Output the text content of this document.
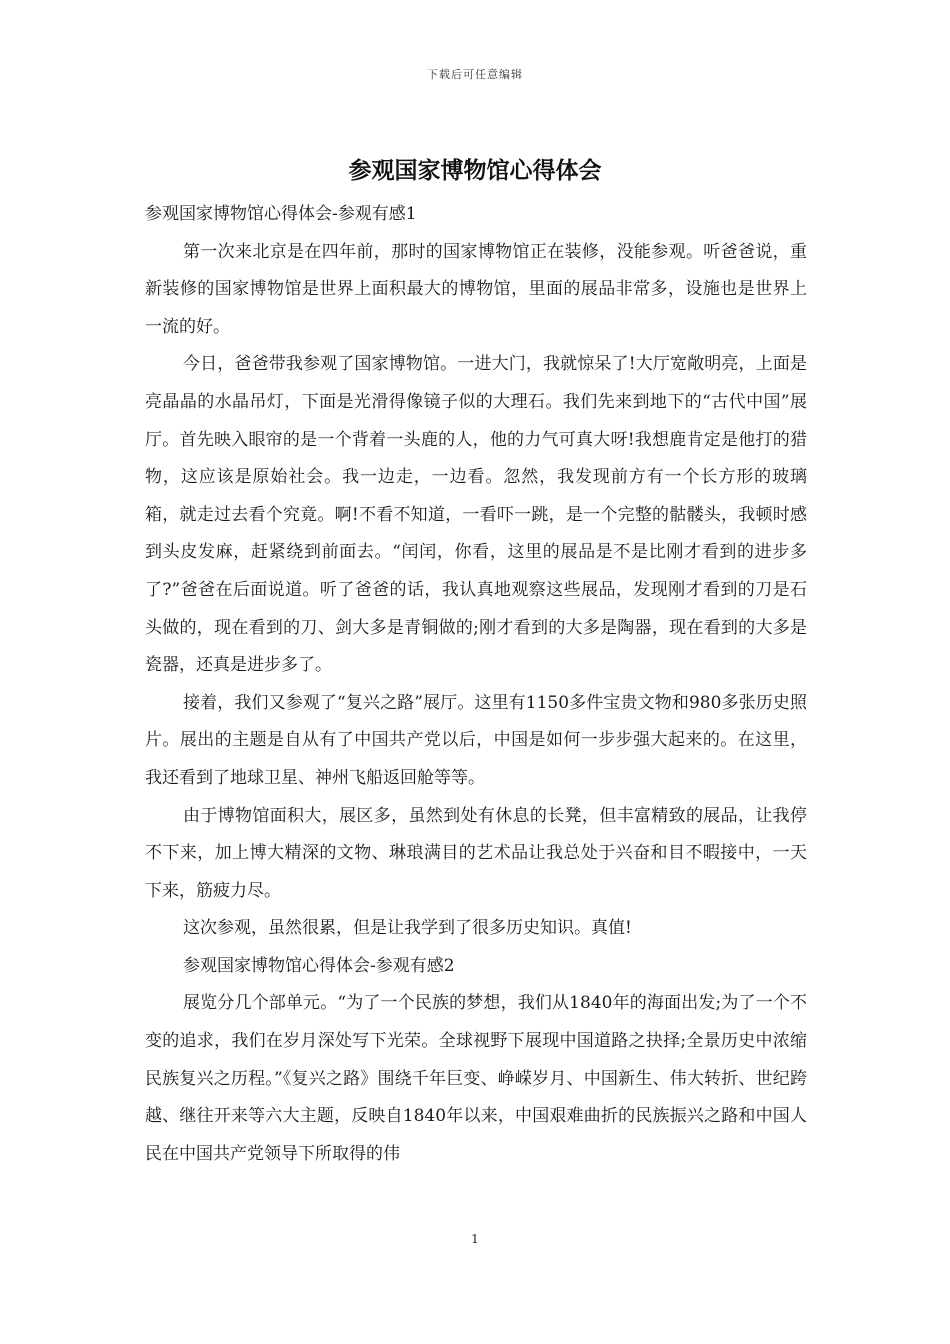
下载后可任意编辑
参观国家博物馆心得体会

参观国家博物馆心得体会-参观有感1

第一次来北京是在四年前，那时的国家博物馆正在装修，没能参观。听爸爸说，重新装修的国家博物馆是世界上面积最大的博物馆，里面的展品非常多，设施也是世界上一流的好。

今日，爸爸带我参观了国家博物馆。一进大门，我就惊呆了!大厅宽敞明亮，上面是亮晶晶的水晶吊灯，下面是光滑得像镜子似的大理石。我们先来到地下的“古代中国”展厅。首先映入眼帘的是一个背着一头鹿的人，他的力气可真大呀!我想鹿肯定是他打的猎物，这应该是原始社会。我一边走，一边看。忽然，我发现前方有一个长方形的玻璃箱，就走过去看个究竟。啊!不看不知道，一看吓一跳，是一个完整的骷髅头，我顿时感到头皮发麻，赶紧绕到前面去。“闰闰，你看，这里的展品是不是比刚才看到的进步多了?”爸爸在后面说道。听了爸爸的话，我认真地观察这些展品，发现刚才看到的刀是石头做的，现在看到的刀、剑大多是青铜做的;刚才看到的大多是陶器，现在看到的大多是瓷器，还真是进步多了。

接着，我们又参观了“复兴之路”展厅。这里有1150多件宝贵文物和980多张历史照片。展出的主题是自从有了中国共产党以后，中国是如何一步步强大起来的。在这里，我还看到了地球卫星、神州飞船返回舱等等。

由于博物馆面积大，展区多，虽然到处有休息的长凳，但丰富精致的展品，让我停不下来，加上博大精深的文物、琳琅满目的艺术品让我总处于兴奋和目不暇接中，一天下来，筋疲力尽。

这次参观，虽然很累，但是让我学到了很多历史知识。真值!

参观国家博物馆心得体会-参观有感2

展览分几个部单元。“为了一个民族的梦想，我们从1840年的海面出发;为了一个不变的追求，我们在岁月深处写下光荣。全球视野下展现中国道路之抉择;全景历史中浓缩民族复兴之历程。”《复兴之路》围绕千年巨变、峥嵘岁月、中国新生、伟大转折、世纪跨越、继往开来等六大主题，反映自1840年以来，中国艰难曲折的民族振兴之路和中国人民在中国共产党领导下所取得的伟

1
